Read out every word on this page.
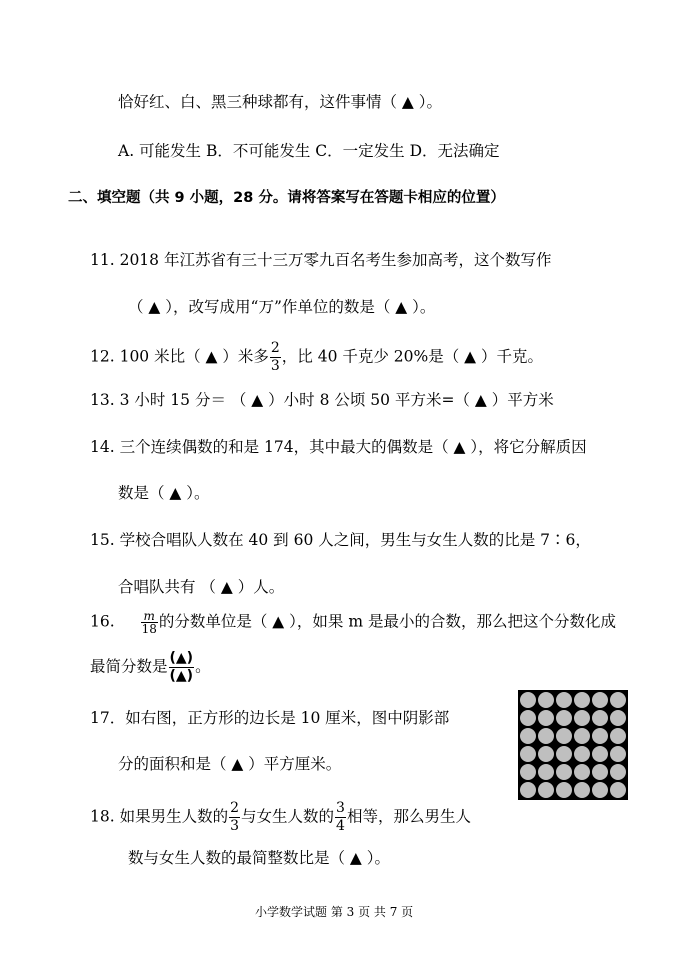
恰好红、白、黑三种球都有，这件事情（ ▲ ）。
A. 可能发生 B．不可能发生 C．一定发生 D．无法确定
二、填空题（共 9 小题，28 分。请将答案写在答题卡相应的位置）
11. 2018 年江苏省有三十三万零九百名考生参加高考，这个数写作
（ ▲ ），改写成用“万”作单位的数是（ ▲ ）。
12. 100 米比（ ▲ ）米多 $\frac{2}{3}$ ，比 40 千克少 20%是（ ▲ ）千克。
13. 3 小时 15 分＝ （ ▲ ）小时 8 公顷 50 平方米=（ ▲ ）平方米
14. 三个连续偶数的和是 174，其中最大的偶数是（ ▲ ），将它分解质因
数是（ ▲ ）。
15. 学校合唱队人数在 40 到 60 人之间，男生与女生人数的比是 7∶6，
合唱队共有 （ ▲ ）人。
16. $\frac{m}{18}$ 的分数单位是（ ▲ ），如果 m 是最小的合数，那么把这个分数化成
最简分数是 $\frac{(▲)}{(▲)}$ 。
17．如右图，正方形的边长是 10 厘米，图中阴影部
分的面积和是（ ▲ ）平方厘米。
18. 如果男生人数的 $\frac{2}{3}$ 与女生人数的 $\frac{3}{4}$ 相等，那么男生人
数与女生人数的最简整数比是（ ▲ ）。
小学数学试题 第 3 页 共 7 页
